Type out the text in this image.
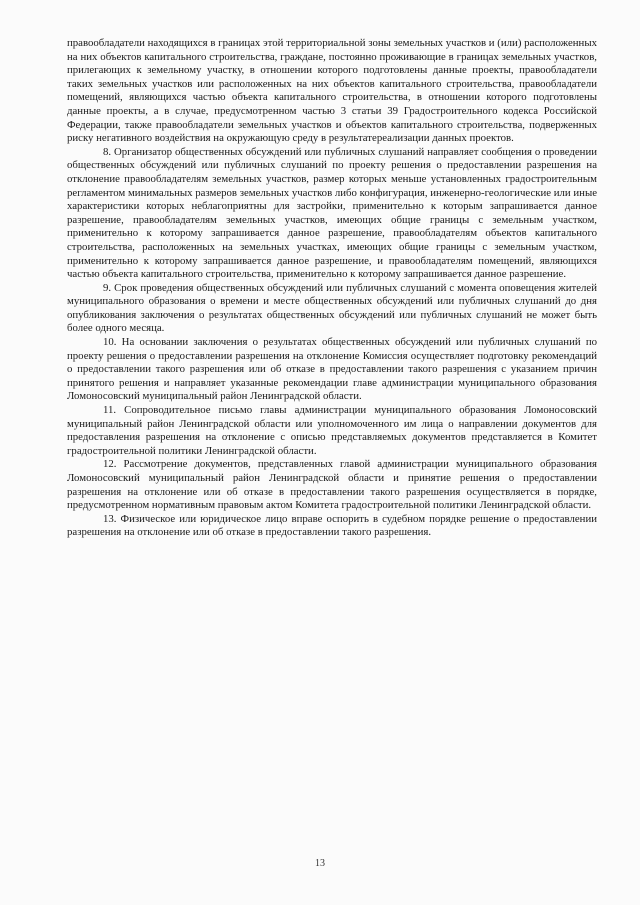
правообладатели находящихся в границах этой территориальной зоны земельных участков и (или) расположенных на них объектов капитального строительства, граждане, постоянно проживающие в границах земельных участков, прилегающих к земельному участку, в отношении которого подготовлены данные проекты, правообладатели таких земельных участков или расположенных на них объектов капитального строительства, правообладатели помещений, являющихся частью объекта капитального строительства, в отношении которого подготовлены данные проекты, а в случае, предусмотренном частью 3 статьи 39 Градостроительного кодекса Российской Федерации, также правообладатели земельных участков и объектов капитального строительства, подверженных риску негативного воздействия на окружающую среду в результатереализации данных проектов.

8. Организатор общественных обсуждений или публичных слушаний направляет сообщения о проведении общественных обсуждений или публичных слушаний по проекту решения о предоставлении разрешения на отклонение правообладателям земельных участков, размер которых меньше установленных градостроительным регламентом минимальных размеров земельных участков либо конфигурация, инженерно-геологические или иные характеристики которых неблагоприятны для застройки, применительно к которым запрашивается данное разрешение, правообладателям земельных участков, имеющих общие границы с земельным участком, применительно к которому запрашивается данное разрешение, правообладателям объектов капитального строительства, расположенных на земельных участках, имеющих общие границы с земельным участком, применительно к которому запрашивается данное разрешение, и правообладателям помещений, являющихся частью объекта капитального строительства, применительно к которому запрашивается данное разрешение.

9. Срок проведения общественных обсуждений или публичных слушаний с момента оповещения жителей муниципального образования о времени и месте общественных обсуждений или публичных слушаний до дня опубликования заключения о результатах общественных обсуждений или публичных слушаний не может быть более одного месяца.

10. На основании заключения о результатах общественных обсуждений или публичных слушаний по проекту решения о предоставлении разрешения на отклонение Комиссия осуществляет подготовку рекомендаций о предоставлении такого разрешения или об отказе в предоставлении такого разрешения с указанием причин принятого решения и направляет указанные рекомендации главе администрации муниципального образования Ломоносовский муниципальный район Ленинградской области.

11. Сопроводительное письмо главы администрации муниципального образования Ломоносовский муниципальный район Ленинградской области или уполномоченного им лица о направлении документов для предоставления разрешения на отклонение с описью представляемых документов представляется в Комитет градостроительной политики Ленинградской области.

12. Рассмотрение документов, представленных главой администрации муниципального образования Ломоносовский муниципальный район Ленинградской области и принятие решения о предоставлении разрешения на отклонение или об отказе в предоставлении такого разрешения осуществляется в порядке, предусмотренном нормативным правовым актом Комитета градостроительной политики Ленинградской области.

13. Физическое или юридическое лицо вправе оспорить в судебном порядке решение о предоставлении разрешения на отклонение или об отказе в предоставлении такого разрешения.

13
